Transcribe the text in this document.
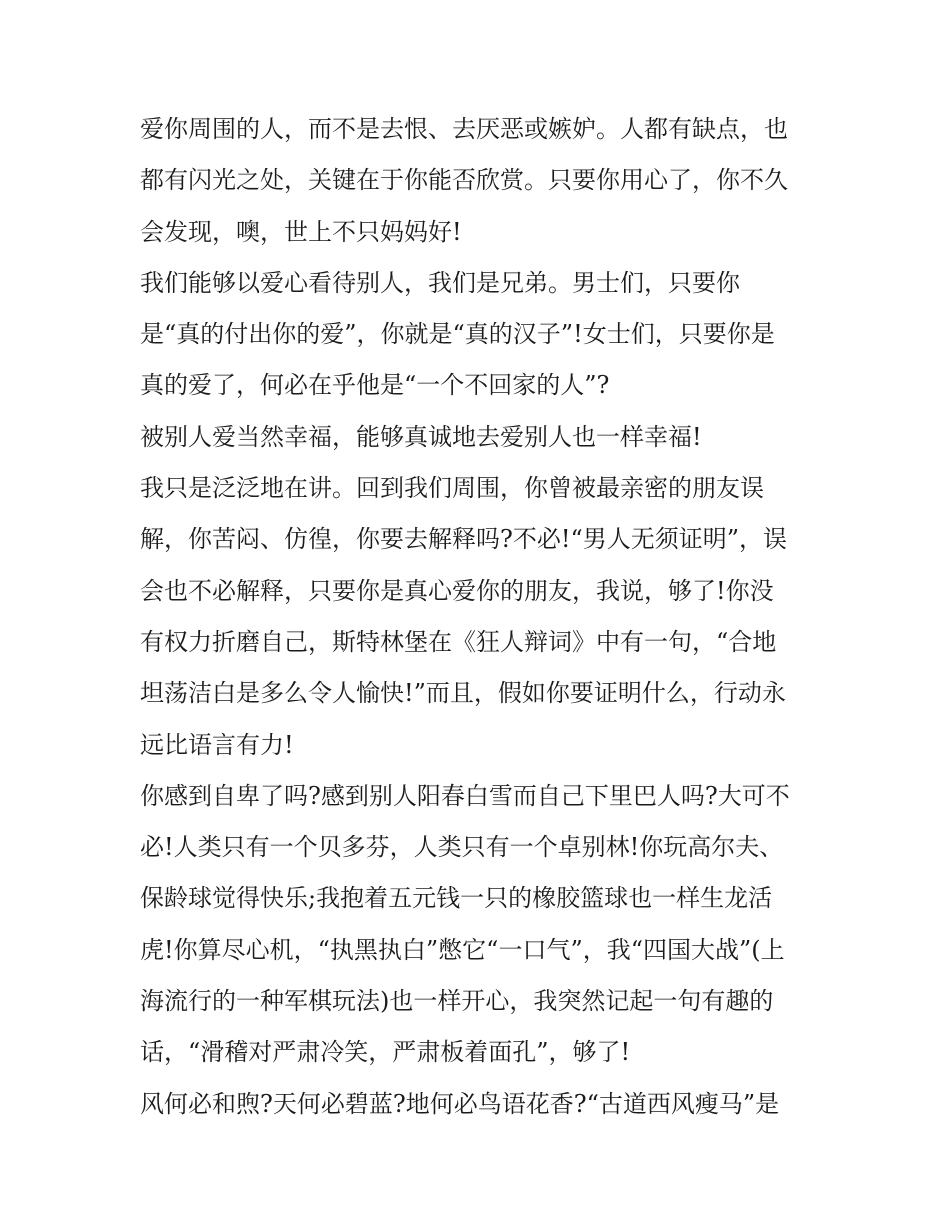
爱你周围的人，而不是去恨、去厌恶或嫉妒。人都有缺点，也
都有闪光之处，关键在于你能否欣赏。只要你用心了，你不久
会发现，噢，世上不只妈妈好!
我们能够以爱心看待别人，我们是兄弟。男士们，只要你
是“真的付出你的爱”，你就是“真的汉子”!女士们，只要你是
真的爱了，何必在乎他是“一个不回家的人”?
被别人爱当然幸福，能够真诚地去爱别人也一样幸福!
我只是泛泛地在讲。回到我们周围，你曾被最亲密的朋友误
解，你苦闷、仿徨，你要去解释吗?不必!“男人无须证明”，误
会也不必解释，只要你是真心爱你的朋友，我说，够了!你没
有权力折磨自己，斯特林堡在《狂人辩词》中有一句，“合地
坦荡洁白是多么令人愉快!”而且，假如你要证明什么，行动永
远比语言有力!
你感到自卑了吗?感到别人阳春白雪而自己下里巴人吗?大可不
必!人类只有一个贝多芬，人类只有一个卓别林!你玩高尔夫、
保龄球觉得快乐;我抱着五元钱一只的橡胶篮球也一样生龙活
虎!你算尽心机，“执黑执白”憋它“一口气”，我“四国大战”(上
海流行的一种军棋玩法)也一样开心，我突然记起一句有趣的
话，“滑稽对严肃冷笑，严肃板着面孔”，够了!
风何必和煦?天何必碧蓝?地何必鸟语花香?“古道西风瘦马”是
